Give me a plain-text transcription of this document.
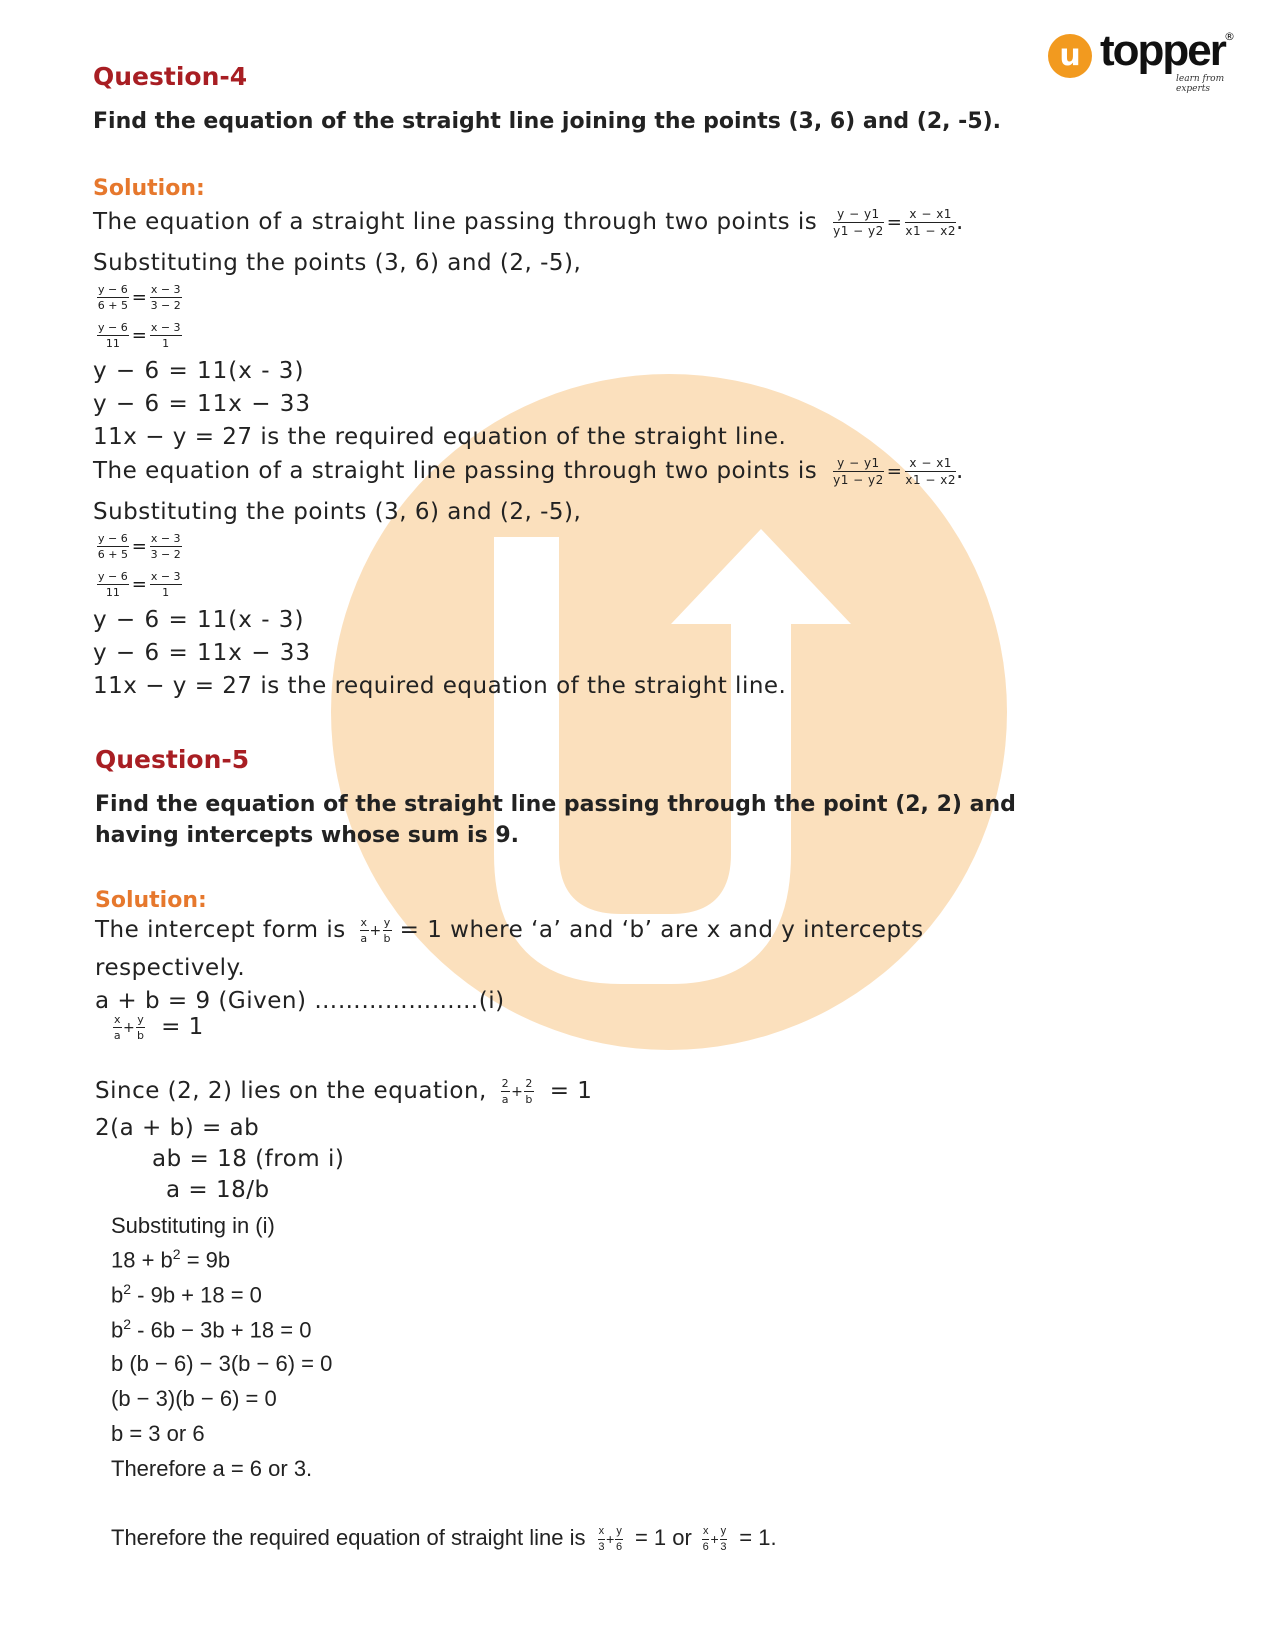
u topper ®
learn from experts
Question-4
Find the equation of the straight line joining the points (3, 6) and (2, -5).
Solution:
The equation of a straight line passing through two points is $\frac{y - y1}{y1 - y2} = \frac{x - x1}{x1 - x2}$ .
Substituting the points (3, 6) and (2, -5),
$\frac{y - 6}{6 + 5} = \frac{x - 3}{3 - 2}$
$\frac{y - 6}{11} = \frac{x - 3}{1}$
y − 6 = 11(x - 3)
y − 6 = 11x − 33
11x − y = 27 is the required equation of the straight line.
The equation of a straight line passing through two points is $\frac{y - y1}{y1 - y2} = \frac{x - x1}{x1 - x2}$ .
Substituting the points (3, 6) and (2, -5),
$\frac{y - 6}{6 + 5} = \frac{x - 3}{3 - 2}$
$\frac{y - 6}{11} = \frac{x - 3}{1}$
y − 6 = 11(x - 3)
y − 6 = 11x − 33
11x − y = 27 is the required equation of the straight line.
Question-5
Find the equation of the straight line passing through the point (2, 2) and
having intercepts whose sum is 9.
Solution:
The intercept form is $\frac{x}{a} + \frac{y}{b} = 1$ where ‘a’ and ‘b’ are x and y intercepts
respectively.
a + b = 9 (Given) …………………(i)
$\frac{x}{a} + \frac{y}{b} = 1$
Since (2, 2) lies on the equation, $\frac{2}{a} + \frac{2}{b} = 1$
2(a + b) = ab
ab = 18 (from i)
a = 18/b
Substituting in (i)
$18 + b^2 = 9b$
$b^2 - 9b + 18 = 0$
$b^2 - 6b - 3b + 18 = 0$
b (b − 6) − 3(b − 6) = 0
(b − 3)(b − 6) = 0
b = 3 or 6
Therefore a = 6 or 3.
Therefore the required equation of straight line is $\frac{x}{3} + \frac{y}{6} = 1$ or $\frac{x}{6} + \frac{y}{3} = 1$.
